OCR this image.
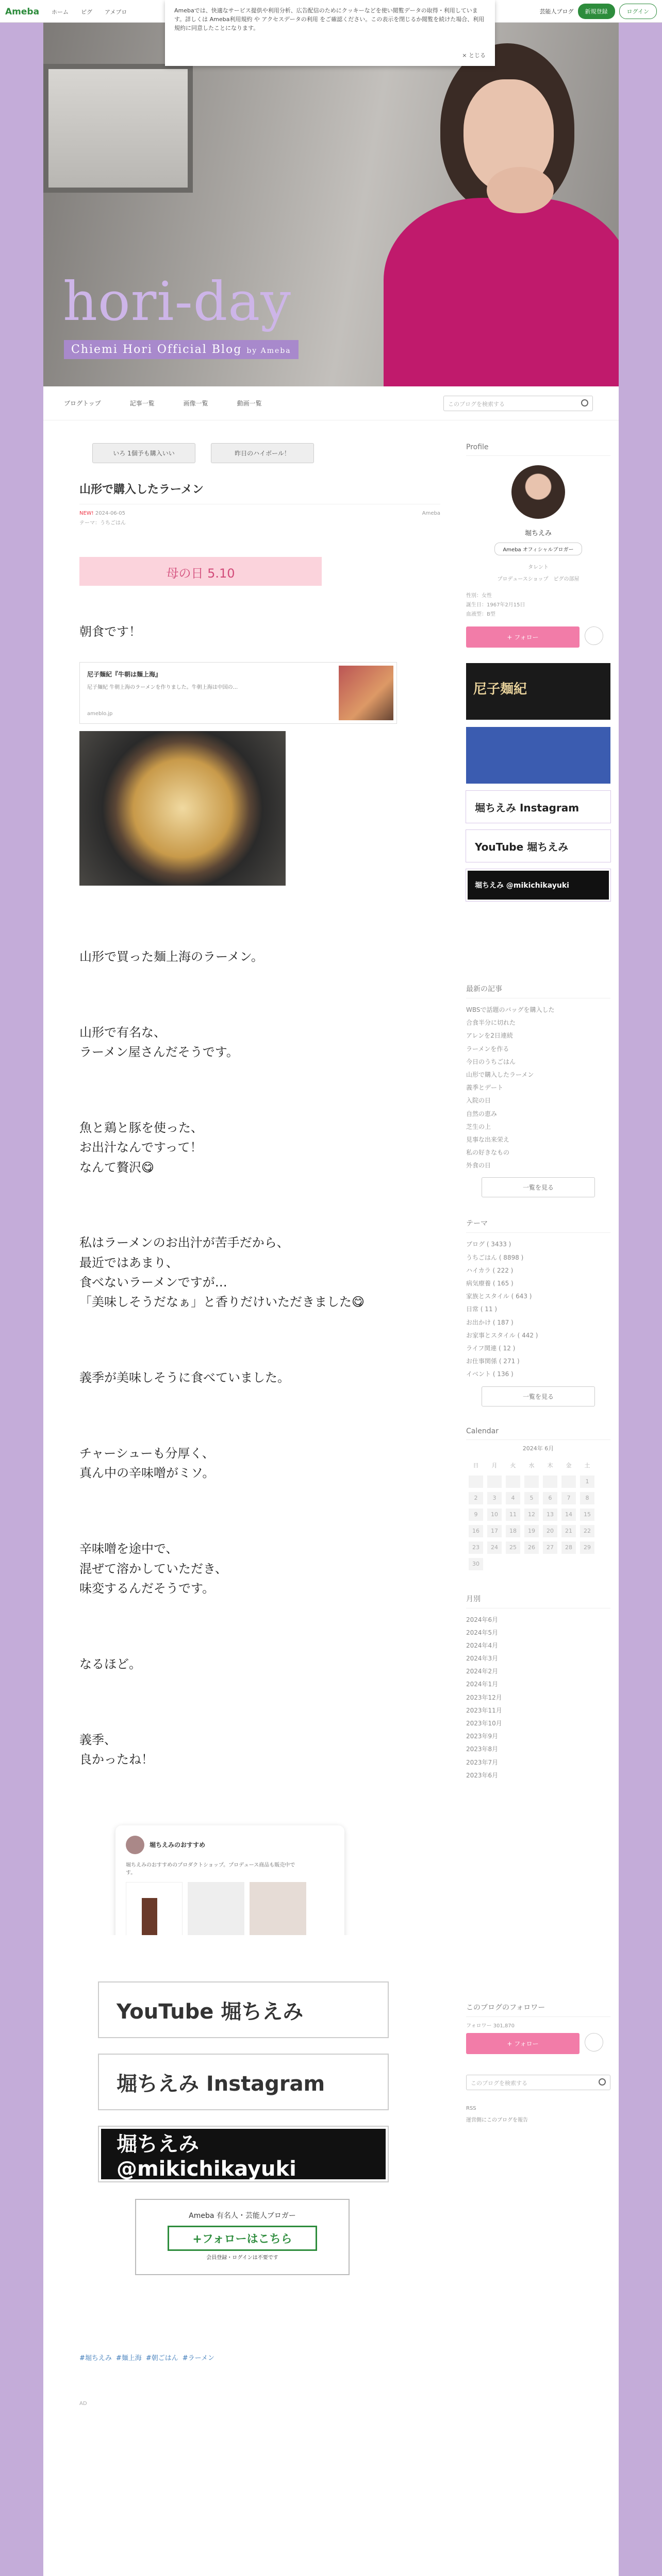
Ameba ホーム ピグ アメブロ	芸能人ブログ	新規登録	ログイン
hori-day
Chiemi Hori Official Blog by Ameba
Amebaでは、快適なサービス提供や利用分析、広告配信のためにクッキーなどを使い閲覧データの取得・利用しています。詳しくは Ameba利用規約 や アクセスデータの利用 をご確認ください。この表示を閉じるか閲覧を続けた場合、利用規約に同意したことになります。
× とじる
ブログトップ	記事一覧	画像一覧	動画一覧	このブログを検索する
いろ 1個予も購入いい	昨日のハイボール！
山形で購入したラーメン
NEW! 2024-06-05	Ameba
テーマ：うちごはん
母の日 5.10
朝食です！
尼子麺紀『牛朝は麺上海』
尼子麺紀 牛朝上海のラーメンを作りました。牛朝上海は中国の...
ameblo.jp

山形で買った麺上海のラーメン。

山形で有名な、
ラーメン屋さんだそうです。

魚と鶏と豚を使った、
お出汁なんですって！
なんて贅沢😋

私はラーメンのお出汁が苦手だから、
最近ではあまり、
食べないラーメンですが…
「美味しそうだなぁ」と香りだけいただきました😋

義季が美味しそうに食べていました。

チャーシューも分厚く、
真ん中の辛味噌がミソ。

辛味噌を途中で、
混ぜて溶かしていただき、
味変するんだそうです。

なるほど。

義季、
良かったね！

堀ちえみのおすすめ
堀ちえみのおすすめのプロダクトショップ。プロデュース商品も販売中です。
Profile
堀ちえみ
Ameba オフィシャルブロガー
タレント
プロデュースショップ　ピグの部屋
性別：女性
誕生日：1967年2月15日
血液型：B型
+ フォロー
尼子麺紀
堀ちえみ Instagram
YouTube 堀ちえみ
堀ちえみ @mikichikayuki
最新の記事
WBSで話題のバッグを購入した
合食半分に切れた
アレンを2日連続
ラーメンを作る
今日のうちごはん
山形で購入したラーメン
義季とデート
入院の日
自然の恵み
芝生の上
見事な出来栄え
私の好きなもの
外食の日
一覧を見る
テーマ
ブログ ( 3433 )
うちごはん ( 8898 )
ハイカラ ( 222 )
病気療養 ( 165 )
家族とスタイル ( 643 )
日常 ( 11 )
お出かけ ( 187 )
お家事とスタイル ( 442 )
ライフ関連 ( 12 )
お仕事関係 ( 271 )
イベント ( 136 )
一覧を見る
Calendar
2024年 6月
日	月	火	水	木	金	土
						1
2	3	4	5	6	7	8
9	10	11	12	13	14	15
16	17	18	19	20	21	22
23	24	25	26	27	28	29
30						
月別
2024年6月
2024年5月
2024年4月
2024年3月
2024年2月
2024年1月
2023年12月
2023年11月
2023年10月
2023年9月
2023年8月
2023年7月
2023年6月
YouTube 堀ちえみ
堀ちえみ Instagram
堀ちえみ @mikichikayuki
Ameba 有名人・芸能人ブロガー
+フォローはこちら
会員登録・ログインは不要です
#堀ちえみ #麺上海 #朝ごはん #ラーメン
AD
このブログのフォロワー
フォロワー 301,870
+ フォロー
このブログを検索する
RSS
運営側にこのブログを報告
